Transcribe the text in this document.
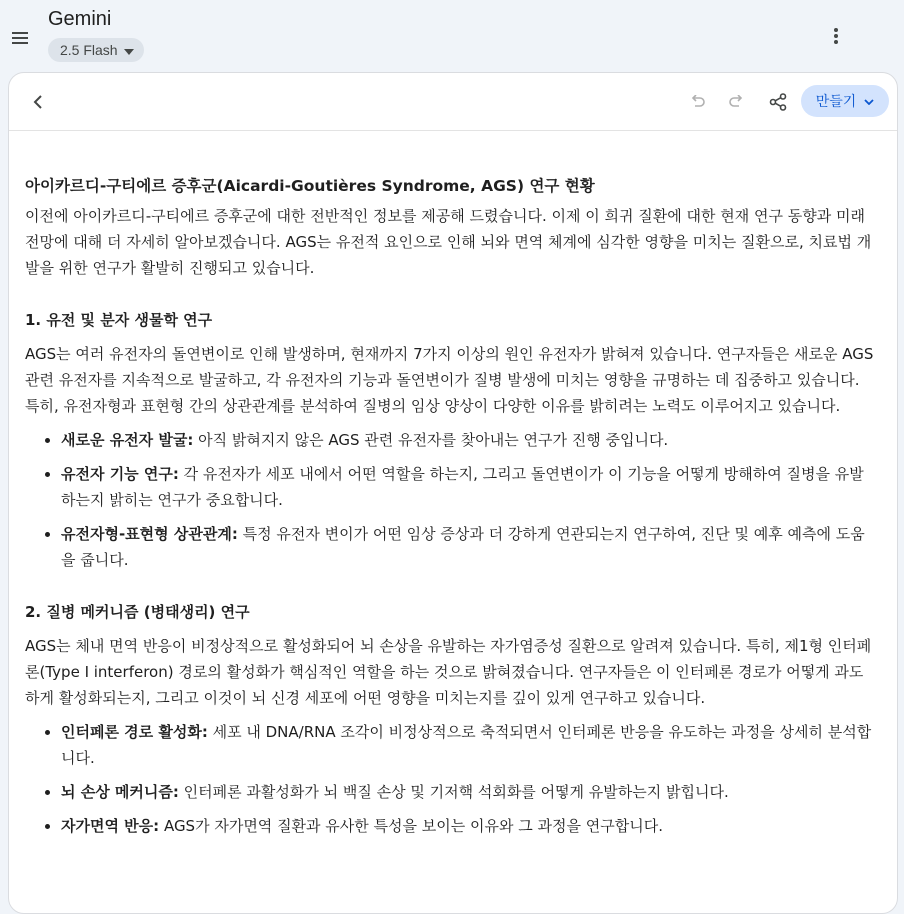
Gemini
2.5 Flash
만들기
아이카르디-구티에르 증후군(Aicardi-Goutières Syndrome, AGS) 연구 현황

이전에 아이카르디-구티에르 증후군에 대한 전반적인 정보를 제공해 드렸습니다. 이제 이 희귀 질환에 대한 현재 연구 동향과 미래 전망에 대해 더 자세히 알아보겠습니다. AGS는 유전적 요인으로 인해 뇌와 면역 체계에 심각한 영향을 미치는 질환으로, 치료법 개발을 위한 연구가 활발히 진행되고 있습니다.

1. 유전 및 분자 생물학 연구

AGS는 여러 유전자의 돌연변이로 인해 발생하며, 현재까지 7가지 이상의 원인 유전자가 밝혀져 있습니다. 연구자들은 새로운 AGS 관련 유전자를 지속적으로 발굴하고, 각 유전자의 기능과 돌연변이가 질병 발생에 미치는 영향을 규명하는 데 집중하고 있습니다. 특히, 유전자형과 표현형 간의 상관관계를 분석하여 질병의 임상 양상이 다양한 이유를 밝히려는 노력도 이루어지고 있습니다.

• 새로운 유전자 발굴: 아직 밝혀지지 않은 AGS 관련 유전자를 찾아내는 연구가 진행 중입니다.
• 유전자 기능 연구: 각 유전자가 세포 내에서 어떤 역할을 하는지, 그리고 돌연변이가 이 기능을 어떻게 방해하여 질병을 유발하는지 밝히는 연구가 중요합니다.
• 유전자형-표현형 상관관계: 특정 유전자 변이가 어떤 임상 증상과 더 강하게 연관되는지 연구하여, 진단 및 예후 예측에 도움을 줍니다.
2. 질병 메커니즘 (병태생리) 연구

AGS는 체내 면역 반응이 비정상적으로 활성화되어 뇌 손상을 유발하는 자가염증성 질환으로 알려져 있습니다. 특히, 제1형 인터페론(Type I interferon) 경로의 활성화가 핵심적인 역할을 하는 것으로 밝혀졌습니다. 연구자들은 이 인터페론 경로가 어떻게 과도하게 활성화되는지, 그리고 이것이 뇌 신경 세포에 어떤 영향을 미치는지를 깊이 있게 연구하고 있습니다.

• 인터페론 경로 활성화: 세포 내 DNA/RNA 조각이 비정상적으로 축적되면서 인터페론 반응을 유도하는 과정을 상세히 분석합니다.
• 뇌 손상 메커니즘: 인터페론 과활성화가 뇌 백질 손상 및 기저핵 석회화를 어떻게 유발하는지 밝힙니다.
• 자가면역 반응: AGS가 자가면역 질환과 유사한 특성을 보이는 이유와 그 과정을 연구합니다.
